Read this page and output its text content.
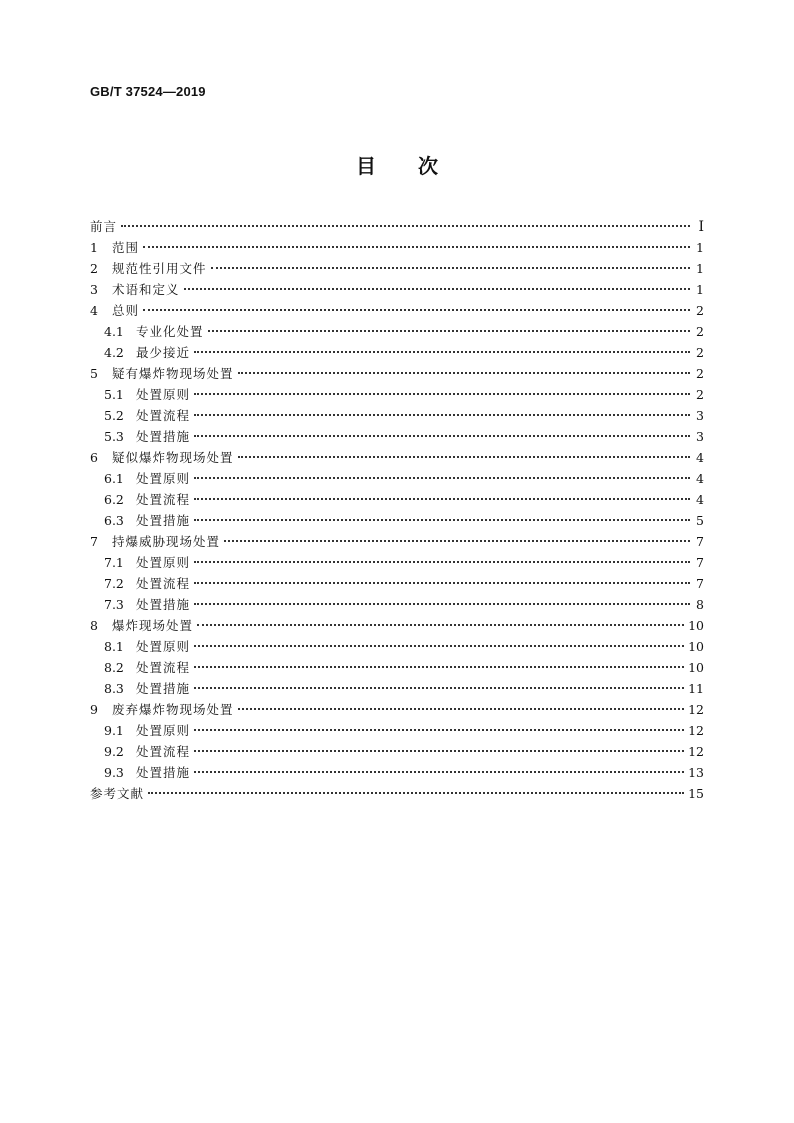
GB/T 37524—2019
目次
前言	I
1	范围	1
2	规范性引用文件	1
3	术语和定义	1
4	总则	2
4.1 专业化处置	2
4.2 最少接近	2
5	疑有爆炸物现场处置	2
5.1 处置原则	2
5.2 处置流程	3
5.3 处置措施	3
6	疑似爆炸物现场处置	4
6.1 处置原则	4
6.2 处置流程	4
6.3 处置措施	5
7	持爆威胁现场处置	7
7.1 处置原则	7
7.2 处置流程	7
7.3 处置措施	8
8	爆炸现场处置	10
8.1 处置原则	10
8.2 处置流程	10
8.3 处置措施	11
9	废弃爆炸物现场处置	12
9.1 处置原则	12
9.2 处置流程	12
9.3 处置措施	13
参考文献	15
